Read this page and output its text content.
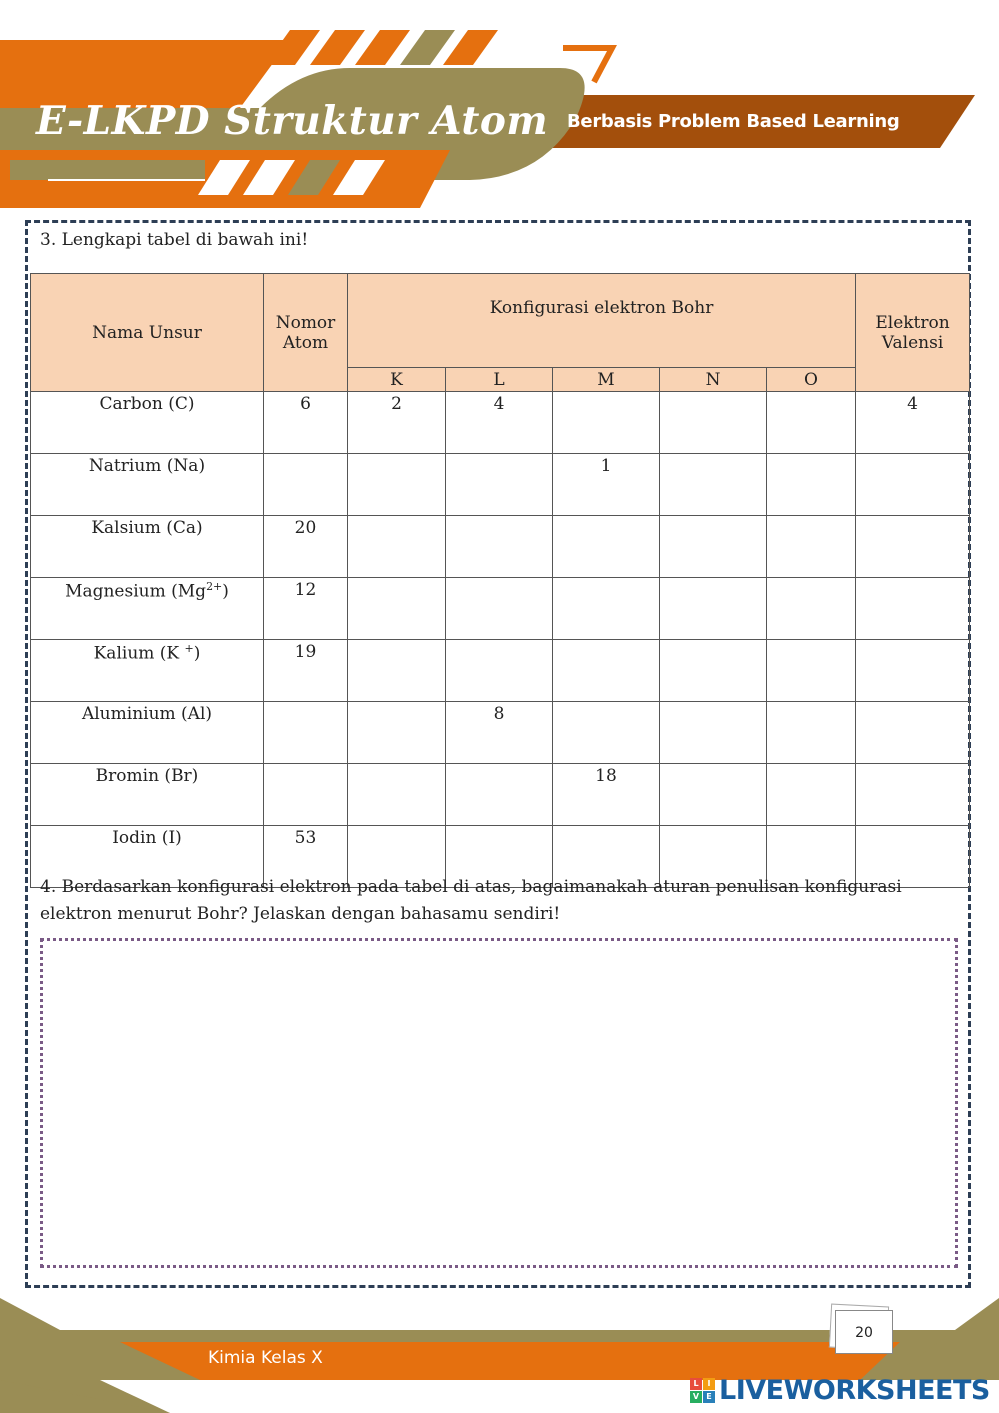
E-LKPD Struktur Atom Berbasis Problem Based Learning
3. Lengkapi tabel di bawah ini!
Nama Unsur	Nomor Atom	Konfigurasi elektron Bohr					Elektron Valensi
		K	L	M	N	O	
Carbon (C)	6	2	4				4
Natrium (Na)				1			
Kalsium (Ca)	20						
Magnesium $(Mg^{2+})$	12						
Kalium (K +)	19						
Aluminium (Al)			8				
Bromin (Br)				18			
Iodin (I)	53						
4. Berdasarkan konfigurasi elektron pada tabel di atas, bagaimanakah aturan penulisan konfigurasi elektron menurut Bohr? Jelaskan dengan bahasamu sendiri!
Kimia Kelas X
20
L	I
V E LIVEWORKSHEETS
